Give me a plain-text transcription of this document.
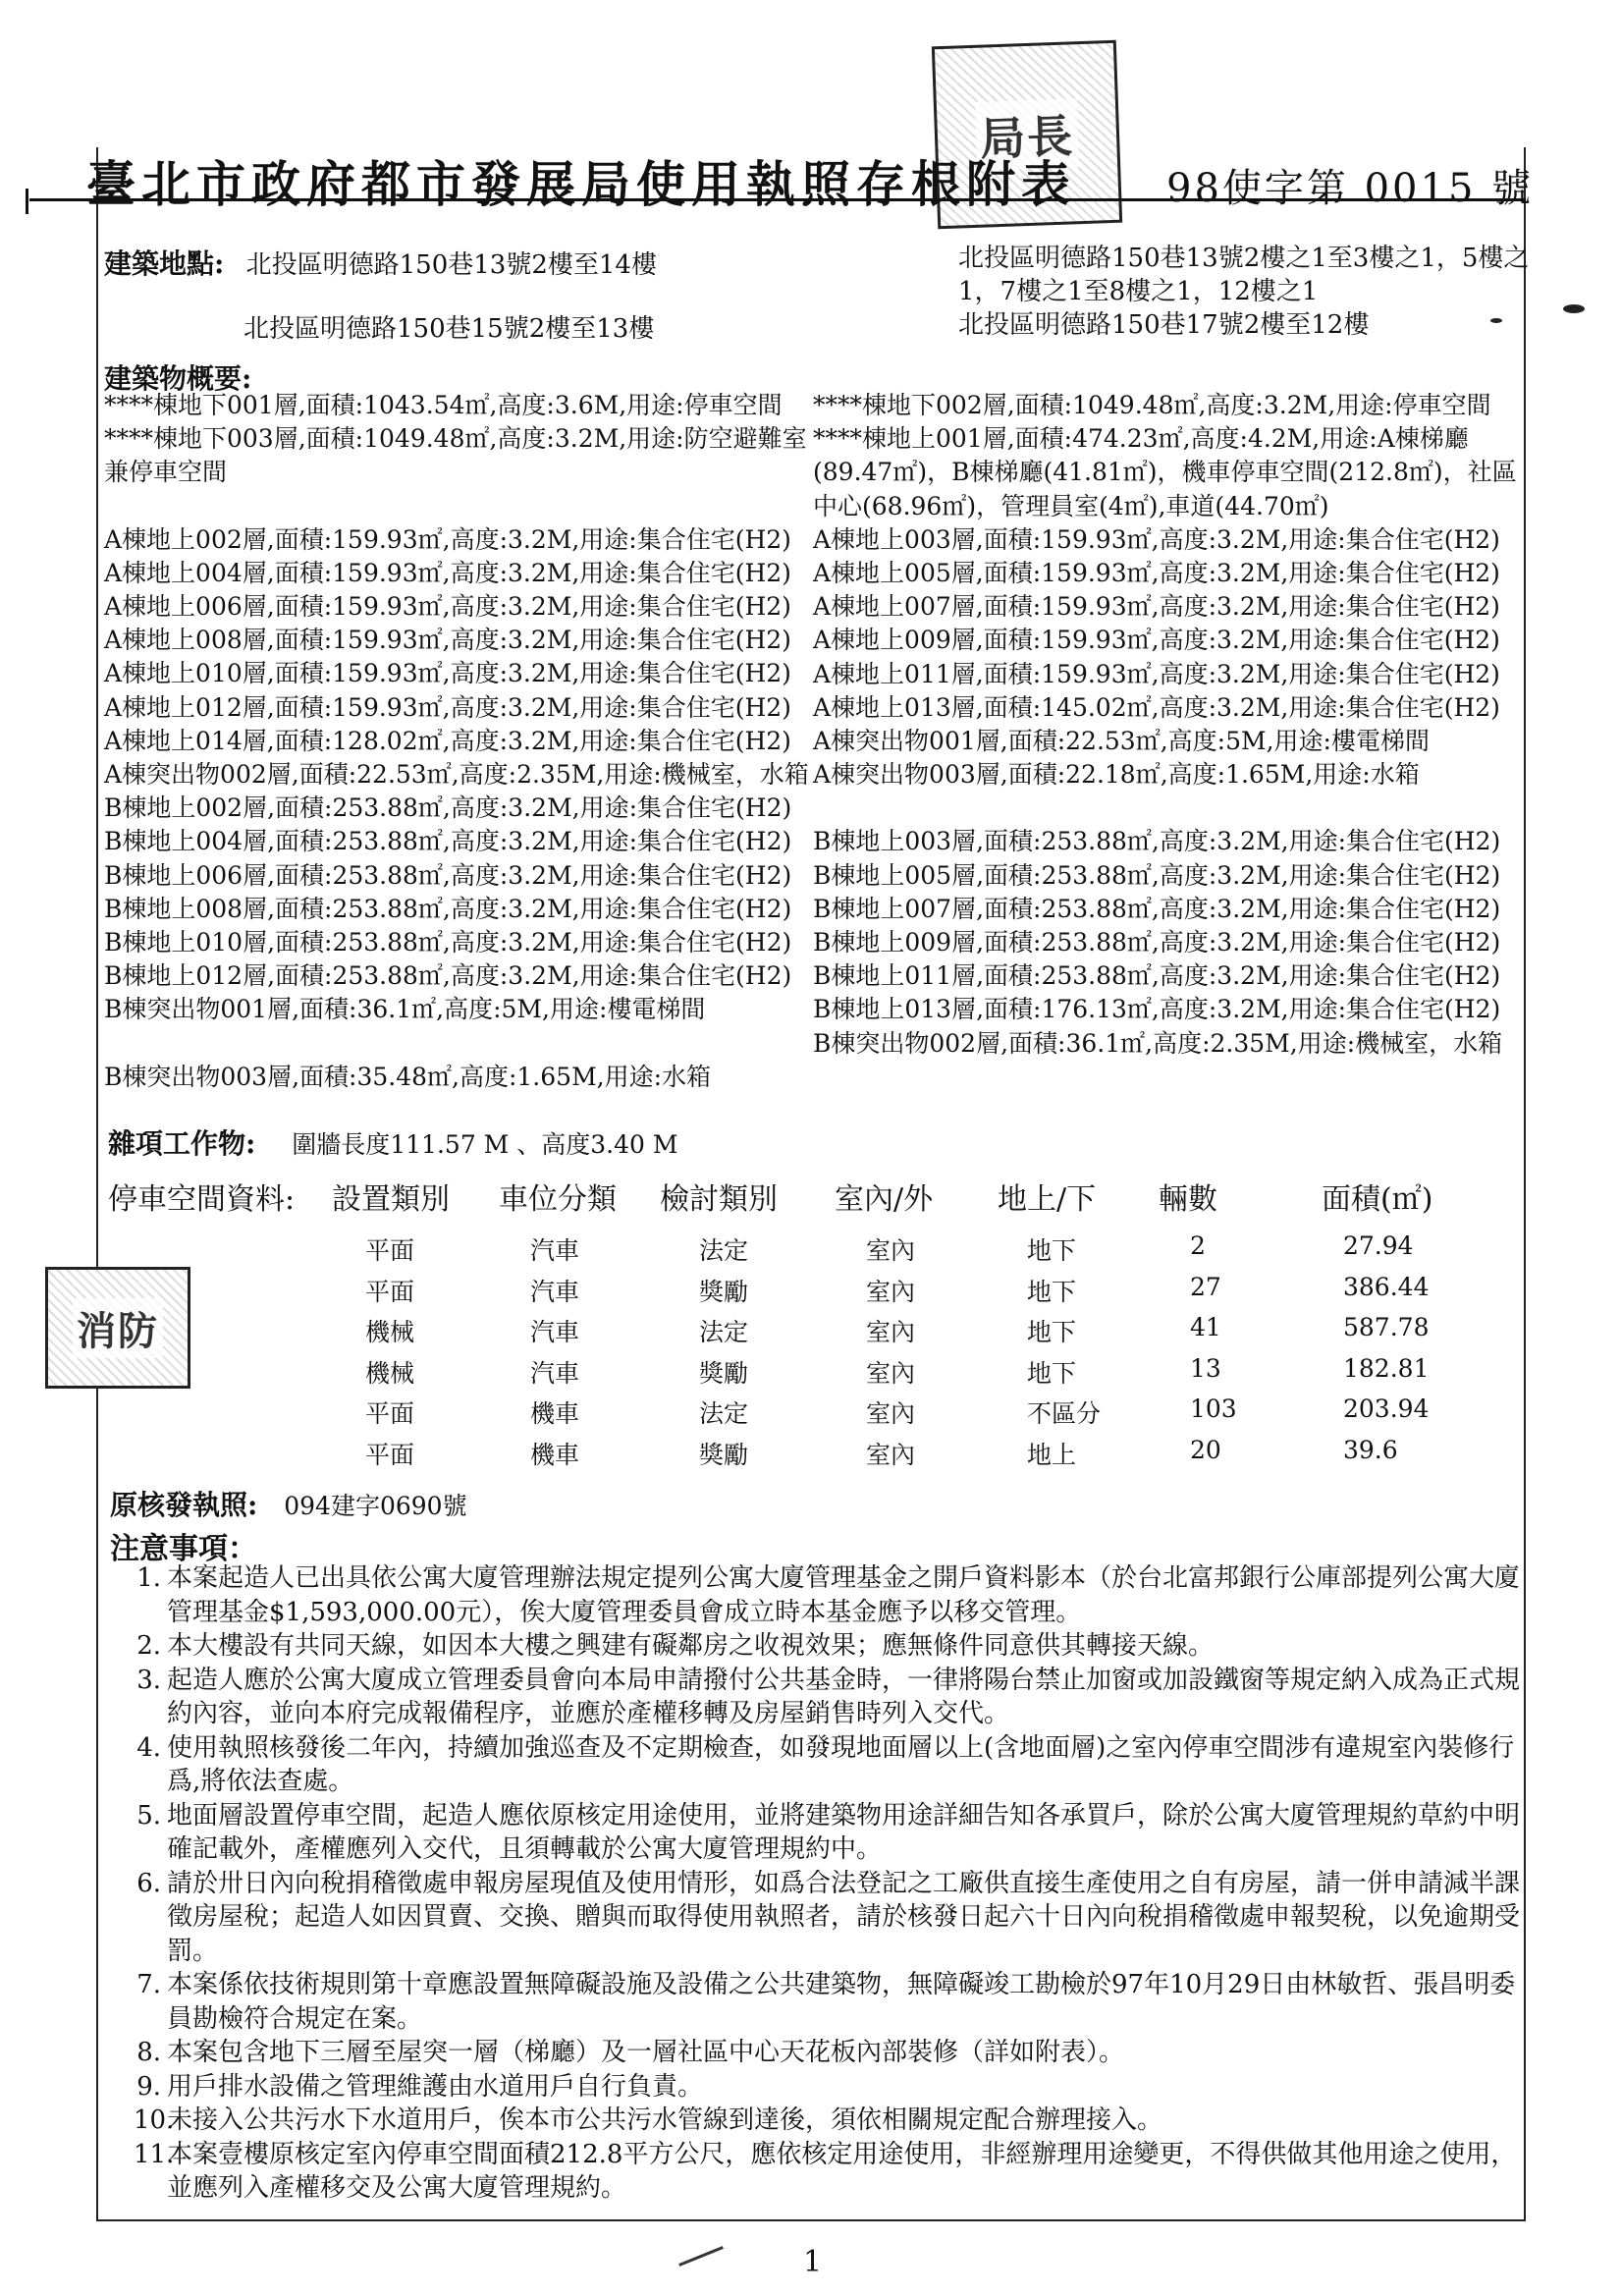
局長
消防
臺北市政府都市發展局使用執照存根附表 98使字第 0015 號
建築地點: 北投區明德路150巷13號2樓至14樓
北投區明德路150巷15號2樓至13樓
北投區明德路150巷13號2樓之1至3樓之1，5樓之
1，7樓之1至8樓之1，12樓之1
北投區明德路150巷17號2樓至12樓
建築物概要:
****棟地下001層,面積:1043.54㎡,高度:3.6M,用途:停車空間
****棟地下003層,面積:1049.48㎡,高度:3.2M,用途:防空避難室兼停車空間
A棟地上002層,面積:159.93㎡,高度:3.2M,用途:集合住宅(H2)
A棟地上004層,面積:159.93㎡,高度:3.2M,用途:集合住宅(H2)
A棟地上006層,面積:159.93㎡,高度:3.2M,用途:集合住宅(H2)
A棟地上008層,面積:159.93㎡,高度:3.2M,用途:集合住宅(H2)
A棟地上010層,面積:159.93㎡,高度:3.2M,用途:集合住宅(H2)
A棟地上012層,面積:159.93㎡,高度:3.2M,用途:集合住宅(H2)
A棟地上014層,面積:128.02㎡,高度:3.2M,用途:集合住宅(H2)
A棟突出物002層,面積:22.53㎡,高度:2.35M,用途:機械室，水箱
B棟地上002層,面積:253.88㎡,高度:3.2M,用途:集合住宅(H2)
B棟地上004層,面積:253.88㎡,高度:3.2M,用途:集合住宅(H2)
B棟地上006層,面積:253.88㎡,高度:3.2M,用途:集合住宅(H2)
B棟地上008層,面積:253.88㎡,高度:3.2M,用途:集合住宅(H2)
B棟地上010層,面積:253.88㎡,高度:3.2M,用途:集合住宅(H2)
B棟地上012層,面積:253.88㎡,高度:3.2M,用途:集合住宅(H2)
B棟突出物001層,面積:36.1㎡,高度:5M,用途:樓電梯間
B棟突出物003層,面積:35.48㎡,高度:1.65M,用途:水箱
****棟地下002層,面積:1049.48㎡,高度:3.2M,用途:停車空間
****棟地上001層,面積:474.23㎡,高度:4.2M,用途:A棟梯廳(89.47㎡)，B棟梯廳(41.81㎡)，機車停車空間(212.8㎡)，社區中心(68.96㎡)，管理員室(4㎡),車道(44.70㎡)
A棟地上003層,面積:159.93㎡,高度:3.2M,用途:集合住宅(H2)
A棟地上005層,面積:159.93㎡,高度:3.2M,用途:集合住宅(H2)
A棟地上007層,面積:159.93㎡,高度:3.2M,用途:集合住宅(H2)
A棟地上009層,面積:159.93㎡,高度:3.2M,用途:集合住宅(H2)
A棟地上011層,面積:159.93㎡,高度:3.2M,用途:集合住宅(H2)
A棟地上013層,面積:145.02㎡,高度:3.2M,用途:集合住宅(H2)
A棟突出物001層,面積:22.53㎡,高度:5M,用途:樓電梯間
A棟突出物003層,面積:22.18㎡,高度:1.65M,用途:水箱
B棟地上003層,面積:253.88㎡,高度:3.2M,用途:集合住宅(H2)
B棟地上005層,面積:253.88㎡,高度:3.2M,用途:集合住宅(H2)
B棟地上007層,面積:253.88㎡,高度:3.2M,用途:集合住宅(H2)
B棟地上009層,面積:253.88㎡,高度:3.2M,用途:集合住宅(H2)
B棟地上011層,面積:253.88㎡,高度:3.2M,用途:集合住宅(H2)
B棟地上013層,面積:176.13㎡,高度:3.2M,用途:集合住宅(H2)
B棟突出物002層,面積:36.1㎡,高度:2.35M,用途:機械室，水箱
雜項工作物: 圍牆長度111.57 M 、高度3.40 M
停車空間資料: 設置類別 車位分類 檢討類別 室內/外 地上/下 輛數	面積(㎡)
平面	汽車	法定	室內	地下	2	27.94
平面	汽車	獎勵	室內	地下	27	386.44
機械	汽車	法定	室內	地下	41	587.78
機械	汽車	獎勵	室內	地下	13	182.81
平面	機車	法定	室內	不區分	103	203.94
平面	機車	獎勵	室內	地上	20	39.6
原核發執照: 094建字0690號
注意事項：
1. 本案起造人已出具依公寓大廈管理辦法規定提列公寓大廈管理基金之開戶資料影本（於台北富邦銀行公庫部提列公寓大廈管理基金$1,593,000.00元），俟大廈管理委員會成立時本基金應予以移交管理。
2. 本大樓設有共同天線，如因本大樓之興建有礙鄰房之收視效果；應無條件同意供其轉接天線。
3. 起造人應於公寓大廈成立管理委員會向本局申請撥付公共基金時，一律將陽台禁止加窗或加設鐵窗等規定納入成為正式規約內容，並向本府完成報備程序，並應於產權移轉及房屋銷售時列入交代。
4. 使用執照核發後二年內，持續加強巡查及不定期檢查，如發現地面層以上(含地面層)之室內停車空間涉有違規室內裝修行爲,將依法查處。
5. 地面層設置停車空間，起造人應依原核定用途使用，並將建築物用途詳細告知各承買戶，除於公寓大廈管理規約草約中明確記載外，產權應列入交代，且須轉載於公寓大廈管理規約中。
6. 請於卅日內向稅捐稽徵處申報房屋現值及使用情形，如爲合法登記之工廠供直接生產使用之自有房屋，請一併申請減半課徵房屋稅；起造人如因買賣、交換、贈與而取得使用執照者，請於核發日起六十日內向稅捐稽徵處申報契稅，以免逾期受罰。
7. 本案係依技術規則第十章應設置無障礙設施及設備之公共建築物，無障礙竣工勘檢於97年10月29日由林敏哲、張昌明委員勘檢符合規定在案。
8. 本案包含地下三層至屋突一層（梯廳）及一層社區中心天花板內部裝修（詳如附表）。
9. 用戶排水設備之管理維護由水道用戶自行負責。
10.
未接入公共污水下水道用戶，俟本市公共污水管線到達後，須依相關規定配合辦理接入。
11.
本案壹樓原核定室內停車空間面積212.8平方公尺，應依核定用途使用，非經辦理用途變更，不得供做其他用途之使用，並應列入產權移交及公寓大廈管理規約。
1
